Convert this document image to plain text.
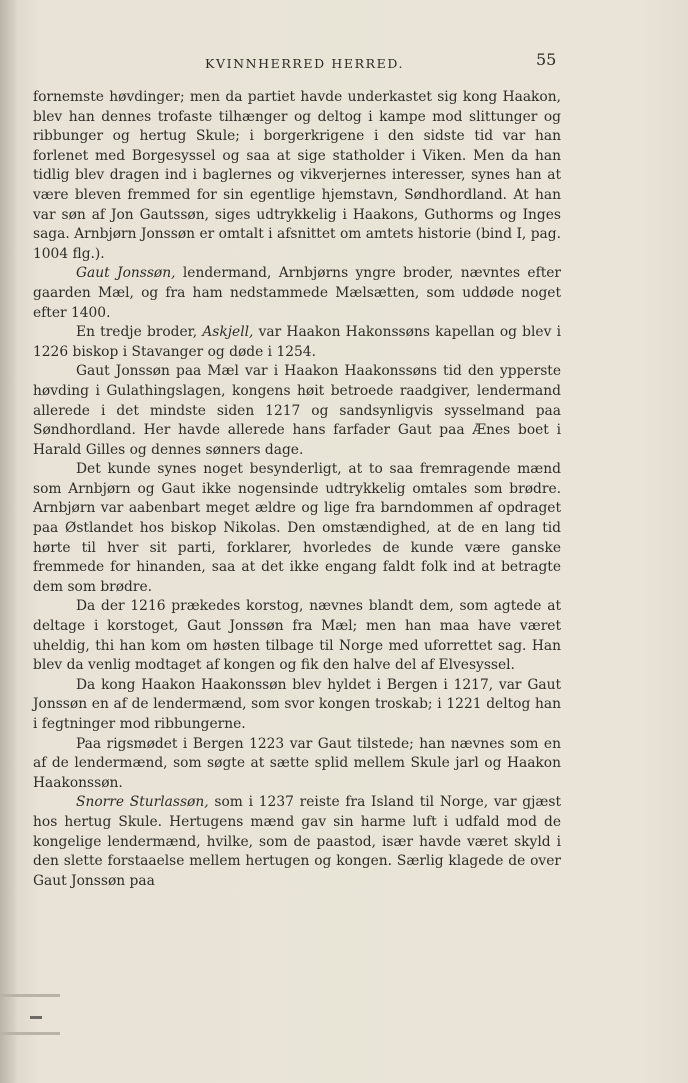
KVINNHERRED HERRED.	55

fornemste høvdinger; men da partiet havde underkastet sig kong Haakon, blev han dennes trofaste tilhænger og deltog i kampe mod slittunger og ribbunger og hertug Skule; i borgerkrigene i den sidste tid var han forlenet med Borgesyssel og saa at sige statholder i Viken. Men da han tidlig blev dragen ind i baglernes og vikverjernes interesser, synes han at være bleven fremmed for sin egentlige hjemstavn, Søndhordland. At han var søn af Jon Gautssøn, siges udtrykkelig i Haakons, Guthorms og Inges saga. Arnbjørn Jonssøn er omtalt i afsnittet om amtets historie (bind I, pag. 1004 flg.).

Gaut Jonssøn, lendermand, Arnbjørns yngre broder, nævntes efter gaarden Mæl, og fra ham nedstammede Mælsætten, som uddøde noget efter 1400.

En tredje broder, Askjell, var Haakon Hakonssøns kapellan og blev i 1226 biskop i Stavanger og døde i 1254.

Gaut Jonssøn paa Mæl var i Haakon Haakonssøns tid den ypperste høvding i Gulathingslagen, kongens høit betroede raadgiver, lendermand allerede i det mindste siden 1217 og sandsynligvis sysselmand paa Søndhordland. Her havde allerede hans farfader Gaut paa Ænes boet i Harald Gilles og dennes sønners dage.

Det kunde synes noget besynderligt, at to saa fremragende mænd som Arnbjørn og Gaut ikke nogensinde udtrykkelig omtales som brødre. Arnbjørn var aabenbart meget ældre og lige fra barndommen af opdraget paa Østlandet hos biskop Nikolas. Den omstændighed, at de en lang tid hørte til hver sit parti, forklarer, hvorledes de kunde være ganske fremmede for hinanden, saa at det ikke engang faldt folk ind at betragte dem som brødre.

Da der 1216 prækedes korstog, nævnes blandt dem, som agtede at deltage i korstoget, Gaut Jonssøn fra Mæl; men han maa have været uheldig, thi han kom om høsten tilbage til Norge med uforrettet sag. Han blev da venlig modtaget af kongen og fik den halve del af Elvesyssel.

Da kong Haakon Haakonssøn blev hyldet i Bergen i 1217, var Gaut Jonssøn en af de lendermænd, som svor kongen troskab; i 1221 deltog han i fegtninger mod ribbungerne.

Paa rigsmødet i Bergen 1223 var Gaut tilstede; han nævnes som en af de lendermænd, som søgte at sætte splid mellem Skule jarl og Haakon Haakonssøn.

Snorre Sturlassøn, som i 1237 reiste fra Island til Norge, var gjæst hos hertug Skule. Hertugens mænd gav sin harme luft i udfald mod de kongelige lendermænd, hvilke, som de paastod, især havde været skyld i den slette forstaaelse mellem hertugen og kongen. Særlig klagede de over Gaut Jonssøn paa
